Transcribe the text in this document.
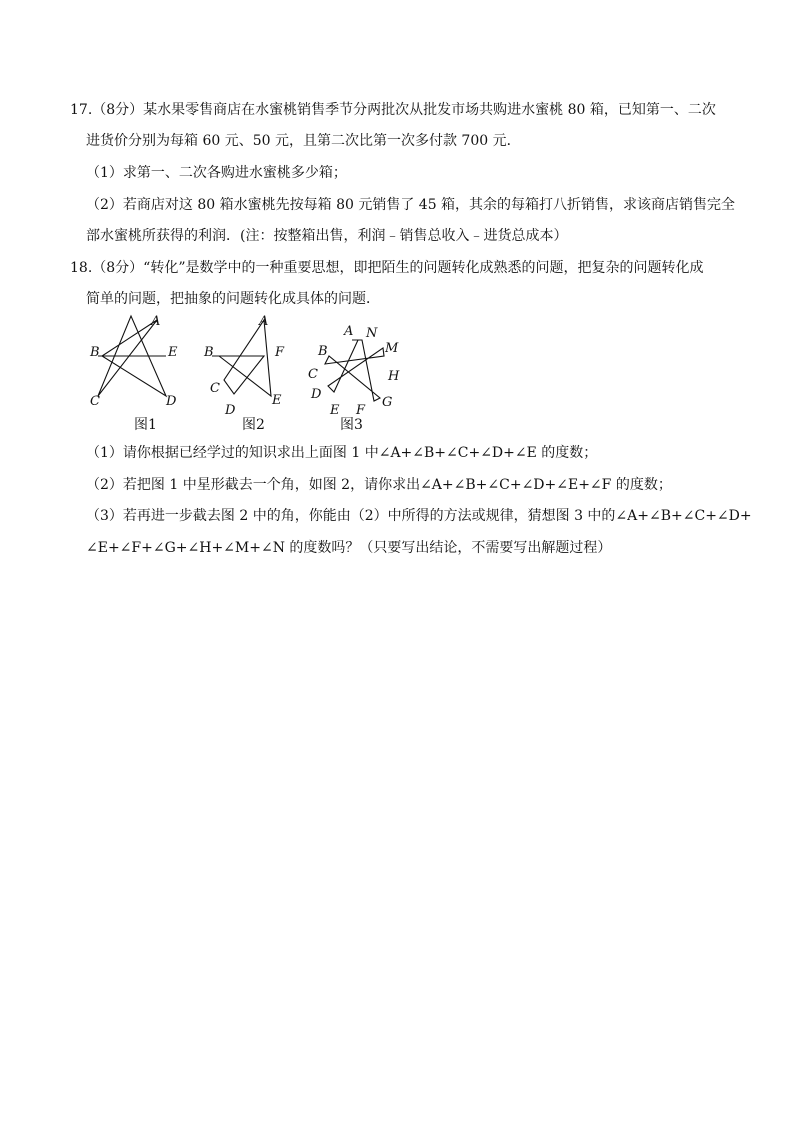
17.（8分）某水果零售商店在水蜜桃销售季节分两批次从批发市场共购进水蜜桃 80 箱，已知第一、二次
进货价分别为每箱 60 元、50 元，且第二次比第一次多付款 700 元．
（1）求第一、二次各购进水蜜桃多少箱；
（2）若商店对这 80 箱水蜜桃先按每箱 80 元销售了 45 箱，其余的每箱打八折销售，求该商店销售完全
部水蜜桃所获得的利润．(注：按整箱出售，利润﹣销售总收入﹣进货总成本）
18.（8分）“转化”是数学中的一种重要思想，即把陌生的问题转化成熟悉的问题，把复杂的问题转化成
简单的问题，把抽象的问题转化成具体的问题．
A
B	E
C	D
图1
A
B	F
C
D
E
图2
A N
B	M
C	H
D
E F
G
图3
（1）请你根据已经学过的知识求出上面图 1 中∠A+∠B+∠C+∠D+∠E 的度数；
（2）若把图 1 中星形截去一个角，如图 2，请你求出∠A+∠B+∠C+∠D+∠E+∠F 的度数；
（3）若再进一步截去图 2 中的角，你能由（2）中所得的方法或规律，猜想图 3 中的∠A+∠B+∠C+∠D+
∠E+∠F+∠G+∠H+∠M+∠N 的度数吗？（只要写出结论，不需要写出解题过程）
